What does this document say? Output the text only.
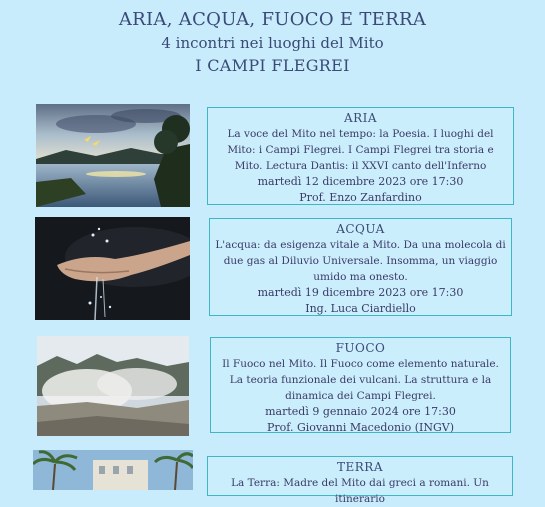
ARIA, ACQUA, FUOCO E TERRA
4 incontri nei luoghi del Mito
I CAMPI FLEGREI
ARIA
La voce del Mito nel tempo: la Poesia. I luoghi del Mito: i Campi Flegrei. I Campi Flegrei tra storia e Mito. Lectura Dantis: il XXVI canto dell'Inferno
martedì 12 dicembre 2023 ore 17:30
Prof. Enzo Zanfardino
ACQUA
L'acqua: da esigenza vitale a Mito. Da una molecola di due gas al Diluvio Universale. Insomma, un viaggio umido ma onesto.
martedì 19 dicembre 2023 ore 17:30
Ing. Luca Ciardiello
FUOCO
Il Fuoco nel Mito. Il Fuoco come elemento naturale. La teoria funzionale dei vulcani. La struttura e la dinamica dei Campi Flegrei.
martedì 9 gennaio 2024 ore 17:30
Prof. Giovanni Macedonio (INGV)
TERRA
La Terra: Madre del Mito dai greci a romani. Un itinerario
